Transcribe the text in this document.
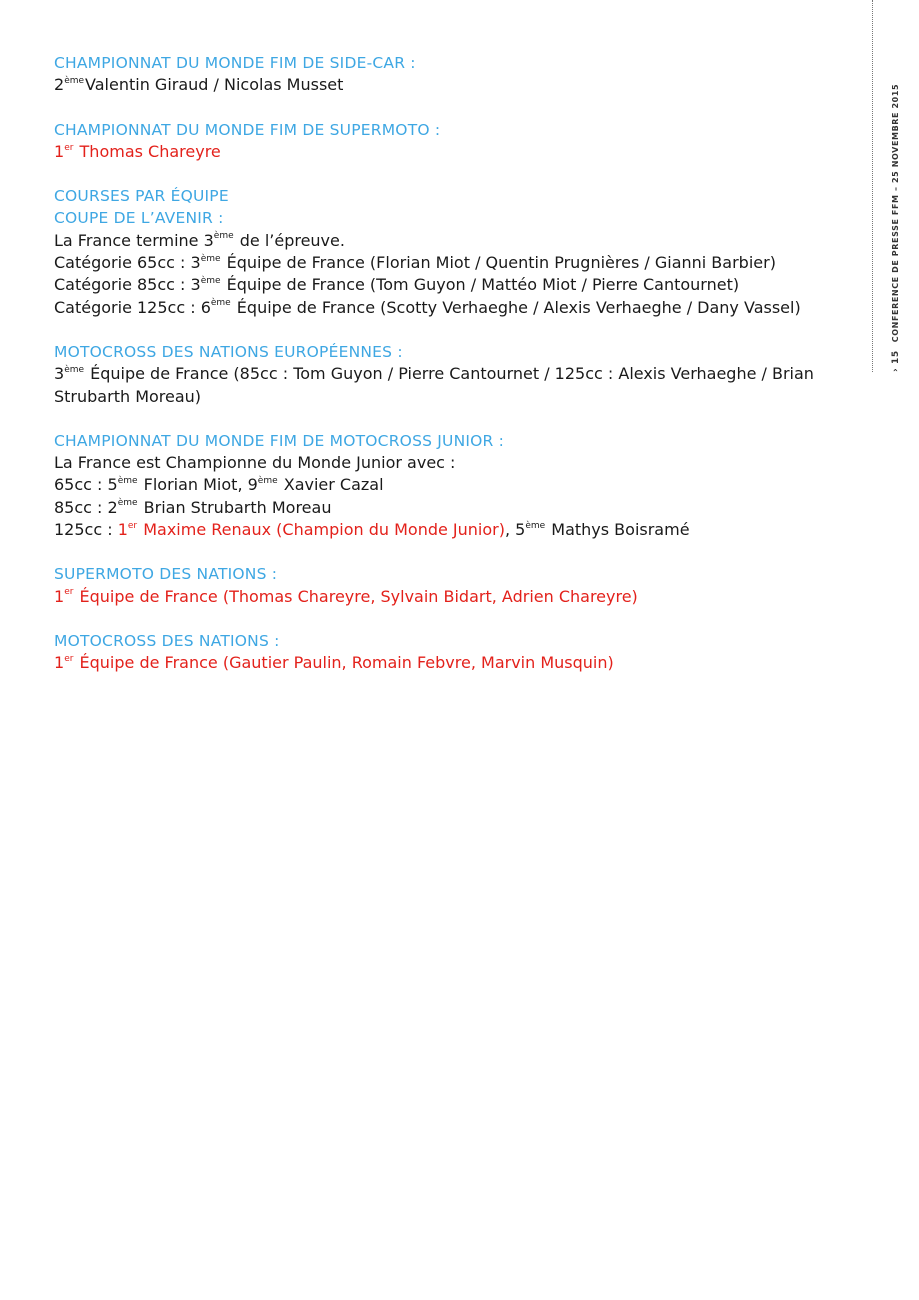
› 15CONFERENCE DE PRESSE FFM – 25 NOVEMBRE 2015
CHAMPIONNAT DU MONDE FIM DE SIDE-CAR :
2èmeValentin Giraud / Nicolas Musset
CHAMPIONNAT DU MONDE FIM DE SUPERMOTO :
1er Thomas Chareyre
COURSES PAR ÉQUIPE
COUPE DE L’AVENIR :
La France termine 3ème de l’épreuve.
Catégorie 65cc : 3ème Équipe de France (Florian Miot / Quentin Prugnières / Gianni Barbier)
Catégorie 85cc : 3ème Équipe de France (Tom Guyon / Mattéo Miot / Pierre Cantournet)
Catégorie 125cc : 6ème Équipe de France (Scotty Verhaeghe / Alexis Verhaeghe / Dany Vassel)
MOTOCROSS DES NATIONS EUROPÉENNES :
3ème Équipe de France (85cc : Tom Guyon / Pierre Cantournet / 125cc : Alexis Verhaeghe / Brian Strubarth Moreau)
CHAMPIONNAT DU MONDE FIM DE MOTOCROSS JUNIOR :
La France est Championne du Monde Junior avec :
65cc : 5ème Florian Miot, 9ème Xavier Cazal
85cc : 2ème Brian Strubarth Moreau
125cc : 1er Maxime Renaux (Champion du Monde Junior), 5ème Mathys Boisramé
SUPERMOTO DES NATIONS :
1er Équipe de France (Thomas Chareyre, Sylvain Bidart, Adrien Chareyre)
MOTOCROSS DES NATIONS :
1er Équipe de France (Gautier Paulin, Romain Febvre, Marvin Musquin)
